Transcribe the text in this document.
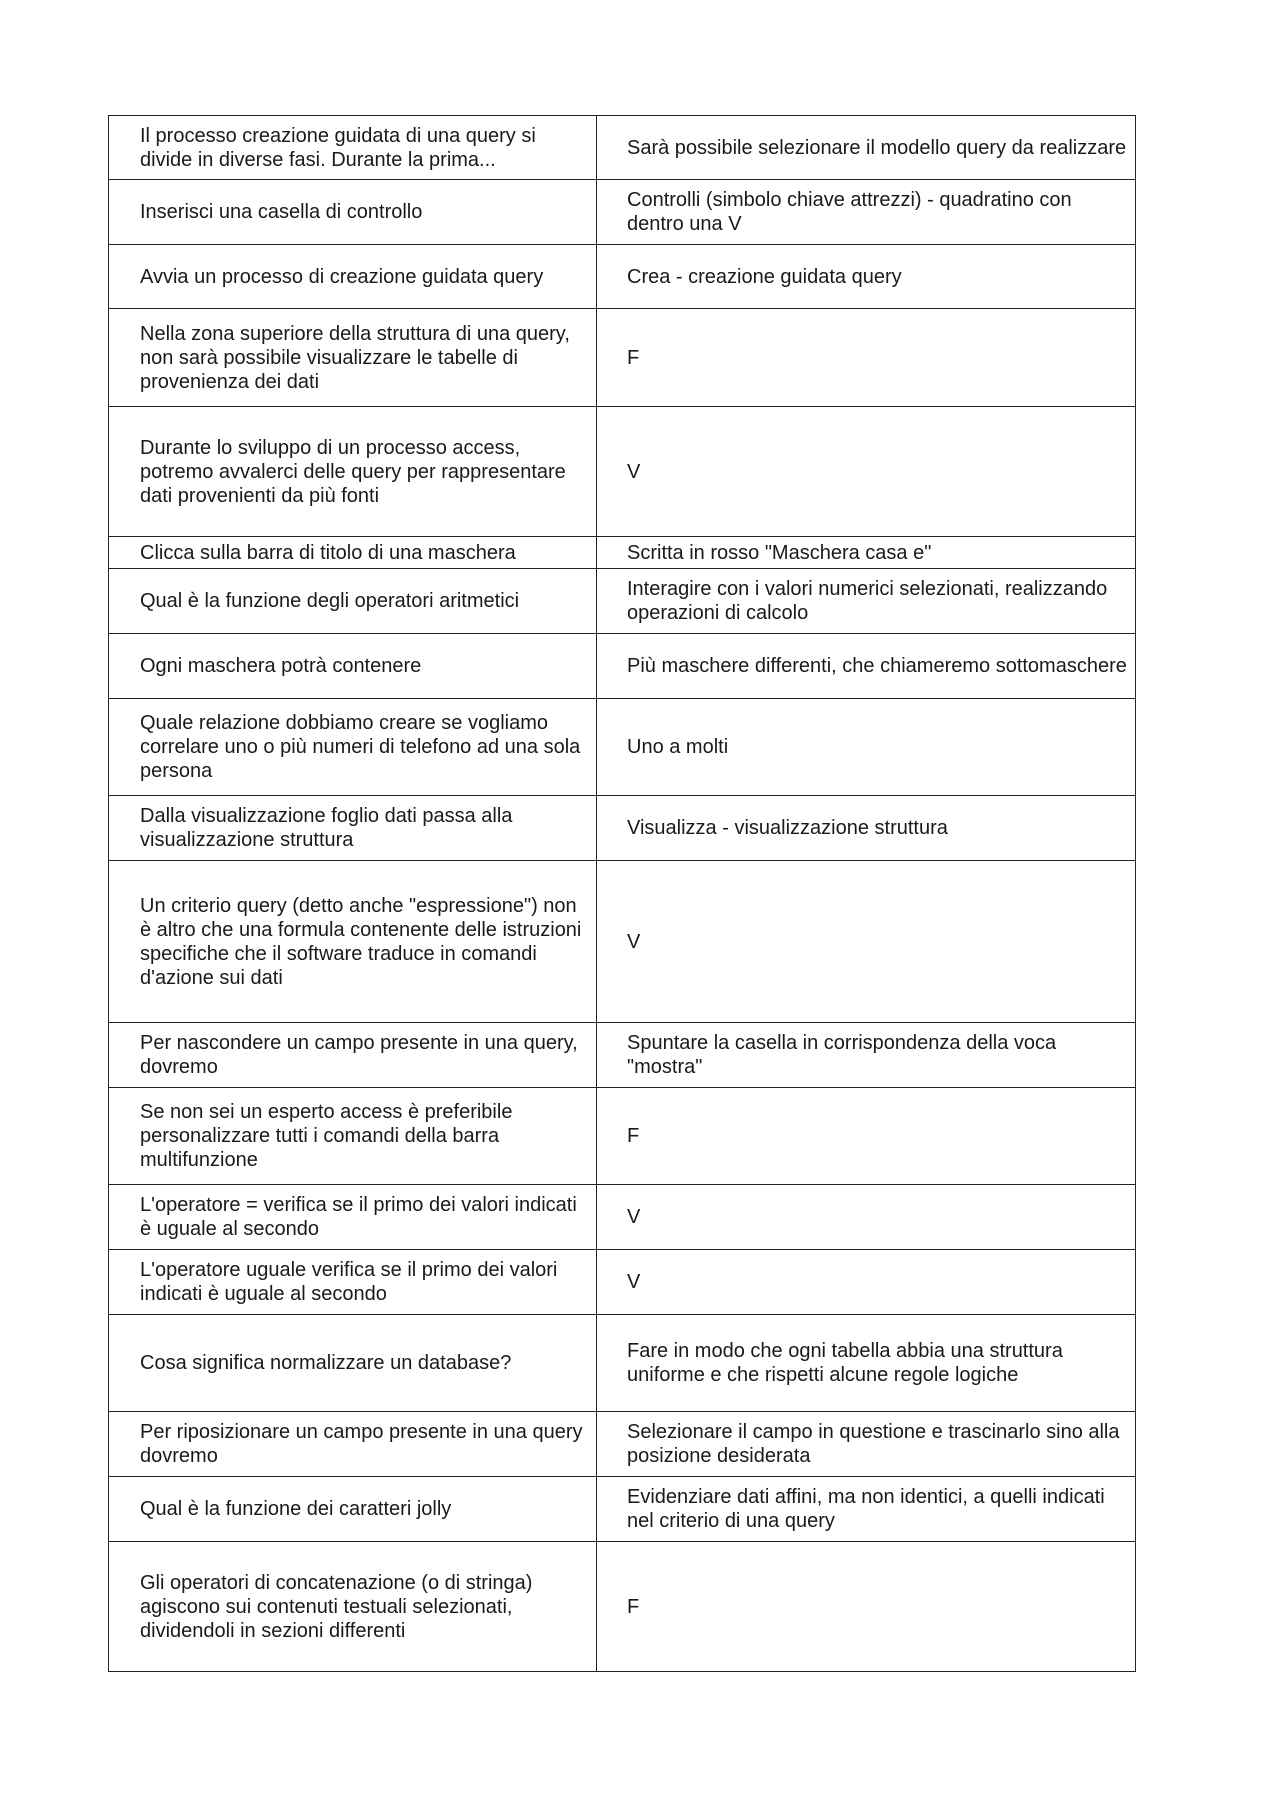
Il processo creazione guidata di una query si divide in diverse fasi. Durante la prima...	Sarà possibile selezionare il modello query da realizzare
Inserisci una casella di controllo	Controlli (simbolo chiave attrezzi) - quadratino con dentro una V
Avvia un processo di creazione guidata query	Crea - creazione guidata query
Nella zona superiore della struttura di una query, non sarà possibile visualizzare le tabelle di provenienza dei dati	F
Durante lo sviluppo di un processo access, potremo avvalerci delle query per rappresentare dati provenienti da più fonti	V
Clicca sulla barra di titolo di una maschera	Scritta in rosso "Maschera casa e"
Qual è la funzione degli operatori aritmetici	Interagire con i valori numerici selezionati, realizzando operazioni di calcolo
Ogni maschera potrà contenere	Più maschere differenti, che chiameremo sottomaschere
Quale relazione dobbiamo creare se vogliamo correlare uno o più numeri di telefono ad una sola persona	Uno a molti
Dalla visualizzazione foglio dati passa alla visualizzazione struttura	Visualizza - visualizzazione struttura
Un criterio query (detto anche "espressione") non è altro che una formula contenente delle istruzioni specifiche che il software traduce in comandi d'azione sui dati	V
Per nascondere un campo presente in una query, dovremo	Spuntare la casella in corrispondenza della voca "mostra"
Se non sei un esperto access è preferibile personalizzare tutti i comandi della barra multifunzione	F
L'operatore = verifica se il primo dei valori indicati è uguale al secondo	V
L'operatore uguale verifica se il primo dei valori indicati è uguale al secondo	V
Cosa significa normalizzare un database?	Fare in modo che ogni tabella abbia una struttura uniforme e che rispetti alcune regole logiche
Per riposizionare un campo presente in una query dovremo	Selezionare il campo in questione e trascinarlo sino alla posizione desiderata
Qual è la funzione dei caratteri jolly	Evidenziare dati affini, ma non identici, a quelli indicati nel criterio di una query
Gli operatori di concatenazione (o di stringa) agiscono sui contenuti testuali selezionati, dividendoli in sezioni differenti	F
